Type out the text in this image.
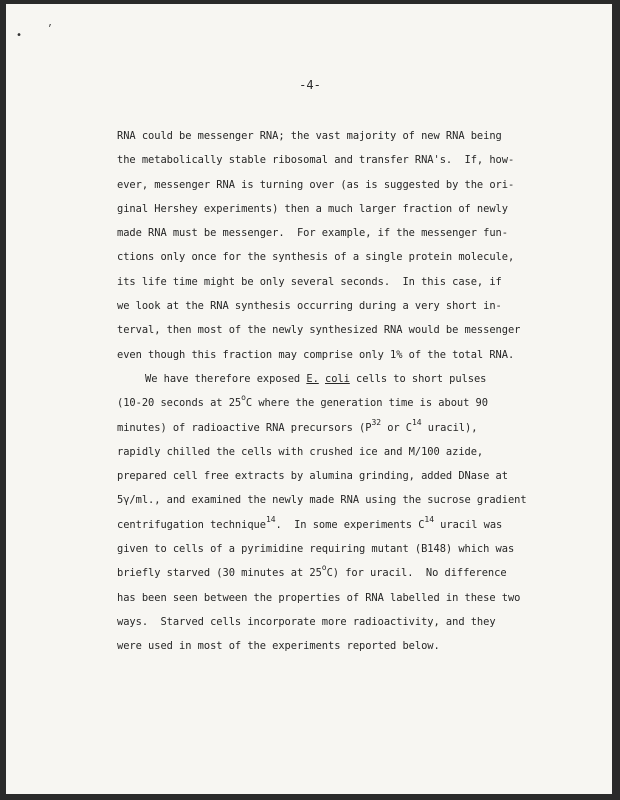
•
׳
-4-
RNA could be messenger RNA; the vast majority of new RNA being
the metabolically stable ribosomal and transfer RNA's.  If, how-
ever, messenger RNA is turning over (as is suggested by the ori-
ginal Hershey experiments) then a much larger fraction of newly
made RNA must be messenger.  For example, if the messenger fun-
ctions only once for the synthesis of a single protein molecule,
its life time might be only several seconds.  In this case, if
we look at the RNA synthesis occurring during a very short in-
terval, then most of the newly synthesized RNA would be messenger
even though this fraction may comprise only 1% of the total RNA.
We have therefore exposed E. coli cells to short pulses
(10-20 seconds at 25$^o$C where the generation time is about 90
minutes) of radioactive RNA precursors ($P^{32}$ or $C^{14}$ uracil),
rapidly chilled the cells with crushed ice and M/100 azide,
prepared cell free extracts by alumina grinding, added DNase at
5γ/ml., and examined the newly made RNA using the sucrose gradient
centrifugation technique$^{14}$.  In some experiments $C^{14}$ uracil was
given to cells of a pyrimidine requiring mutant (B148) which was
briefly starved (30 minutes at 25$^o$C) for uracil.  No difference
has been seen between the properties of RNA labelled in these two
ways.  Starved cells incorporate more radioactivity, and they
were used in most of the experiments reported below.
